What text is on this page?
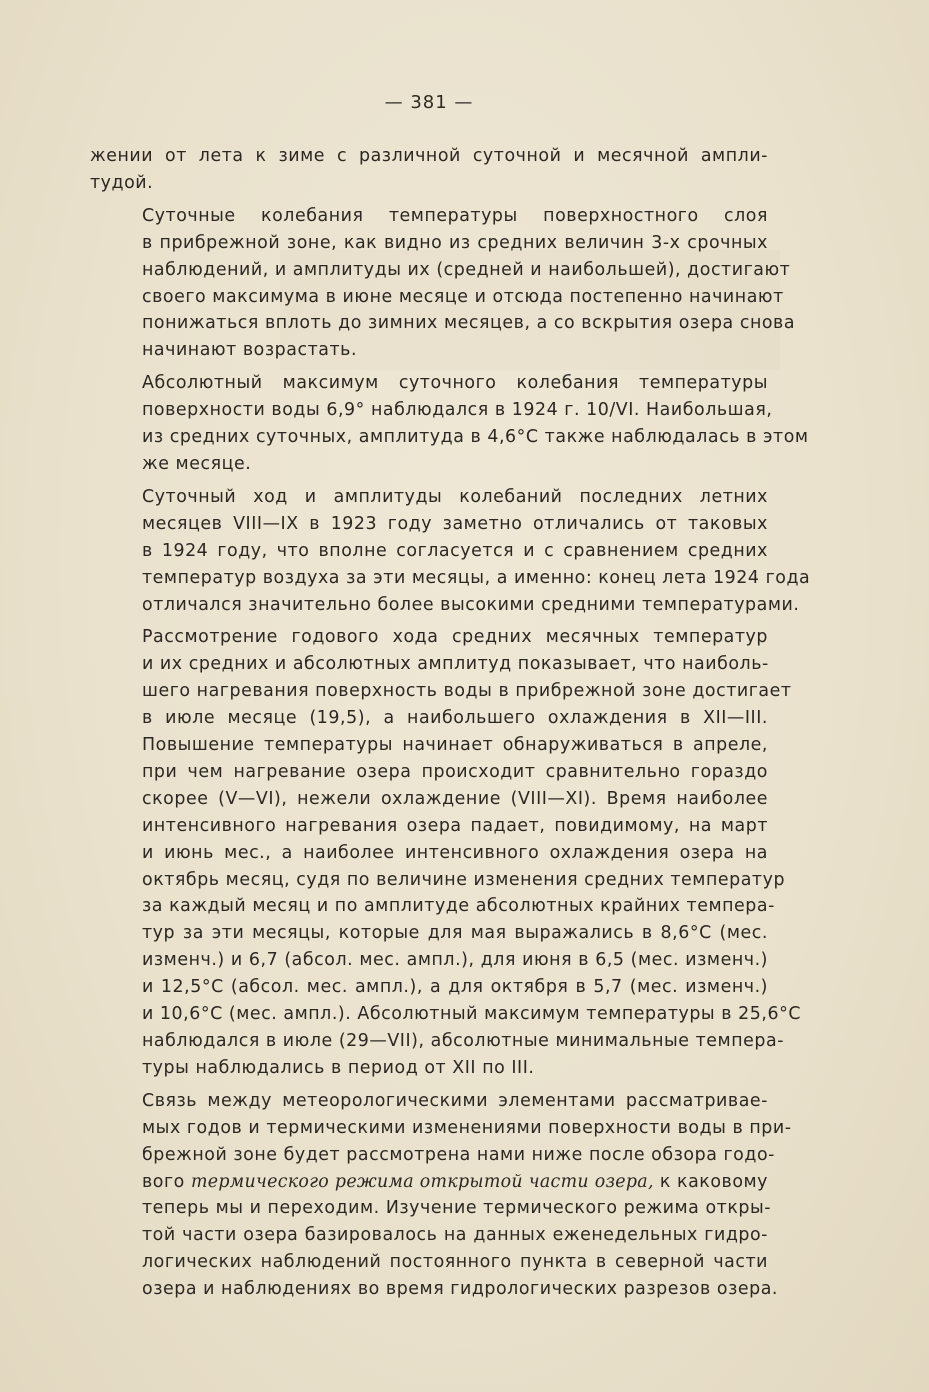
— 381 —

жении от лета к зиме с различной суточной и месячной ампли-
тудой.

Суточные колебания температуры поверхностного слоя
в прибрежной зоне, как видно из средних величин 3-х срочных
наблюдений, и амплитуды их (средней и наибольшей), достигают
своего максимума в июне месяце и отсюда постепенно начинают
понижаться вплоть до зимних месяцев, а со вскрытия озера снова
начинают возрастать.

Абсолютный максимум суточного колебания температуры
поверхности воды 6,9° наблюдался в 1924 г. 10/VI. Наибольшая,
из средних суточных, амплитуда в 4,6°С также наблюдалась в этом
же месяце.

Суточный ход и амплитуды колебаний последних летних
месяцев VIII—IX в 1923 году заметно отличались от таковых
в 1924 году, что вполне согласуется и с сравнением средних
температур воздуха за эти месяцы, а именно: конец лета 1924 года
отличался значительно более высокими средними температурами.

Рассмотрение годового хода средних месячных температур
и их средних и абсолютных амплитуд показывает, что наиболь-
шего нагревания поверхность воды в прибрежной зоне достигает
в июле месяце (19,5), а наибольшего охлаждения в XII—III.
Повышение температуры начинает обнаруживаться в апреле,
при чем нагревание озера происходит сравнительно гораздо
скорее (V—VI), нежели охлаждение (VIII—XI). Время наиболее
интенсивного нагревания озера падает, повидимому, на март
и июнь мес., а наиболее интенсивного охлаждения озера на
октябрь месяц, судя по величине изменения средних температур
за каждый месяц и по амплитуде абсолютных крайних темпера-
тур за эти месяцы, которые для мая выражались в 8,6°С (мес.
изменч.) и 6,7 (абсол. мес. ампл.), для июня в 6,5 (мес. изменч.)
и 12,5°С (абсол. мес. ампл.), а для октября в 5,7 (мес. изменч.)
и 10,6°С (мес. ампл.). Абсолютный максимум температуры в 25,6°С
наблюдался в июле (29—VII), абсолютные минимальные темпера-
туры наблюдались в период от XII по III.

Связь между метеорологическими элементами рассматривае-
мых годов и термическими изменениями поверхности воды в при-
брежной зоне будет рассмотрена нами ниже после обзора годо-
вого термического режима открытой части озера, к каковому
теперь мы и переходим. Изучение термического режима откры-
той части озера базировалось на данных еженедельных гидро-
логических наблюдений постоянного пункта в северной части
озера и наблюдениях во время гидрологических разрезов озера.
